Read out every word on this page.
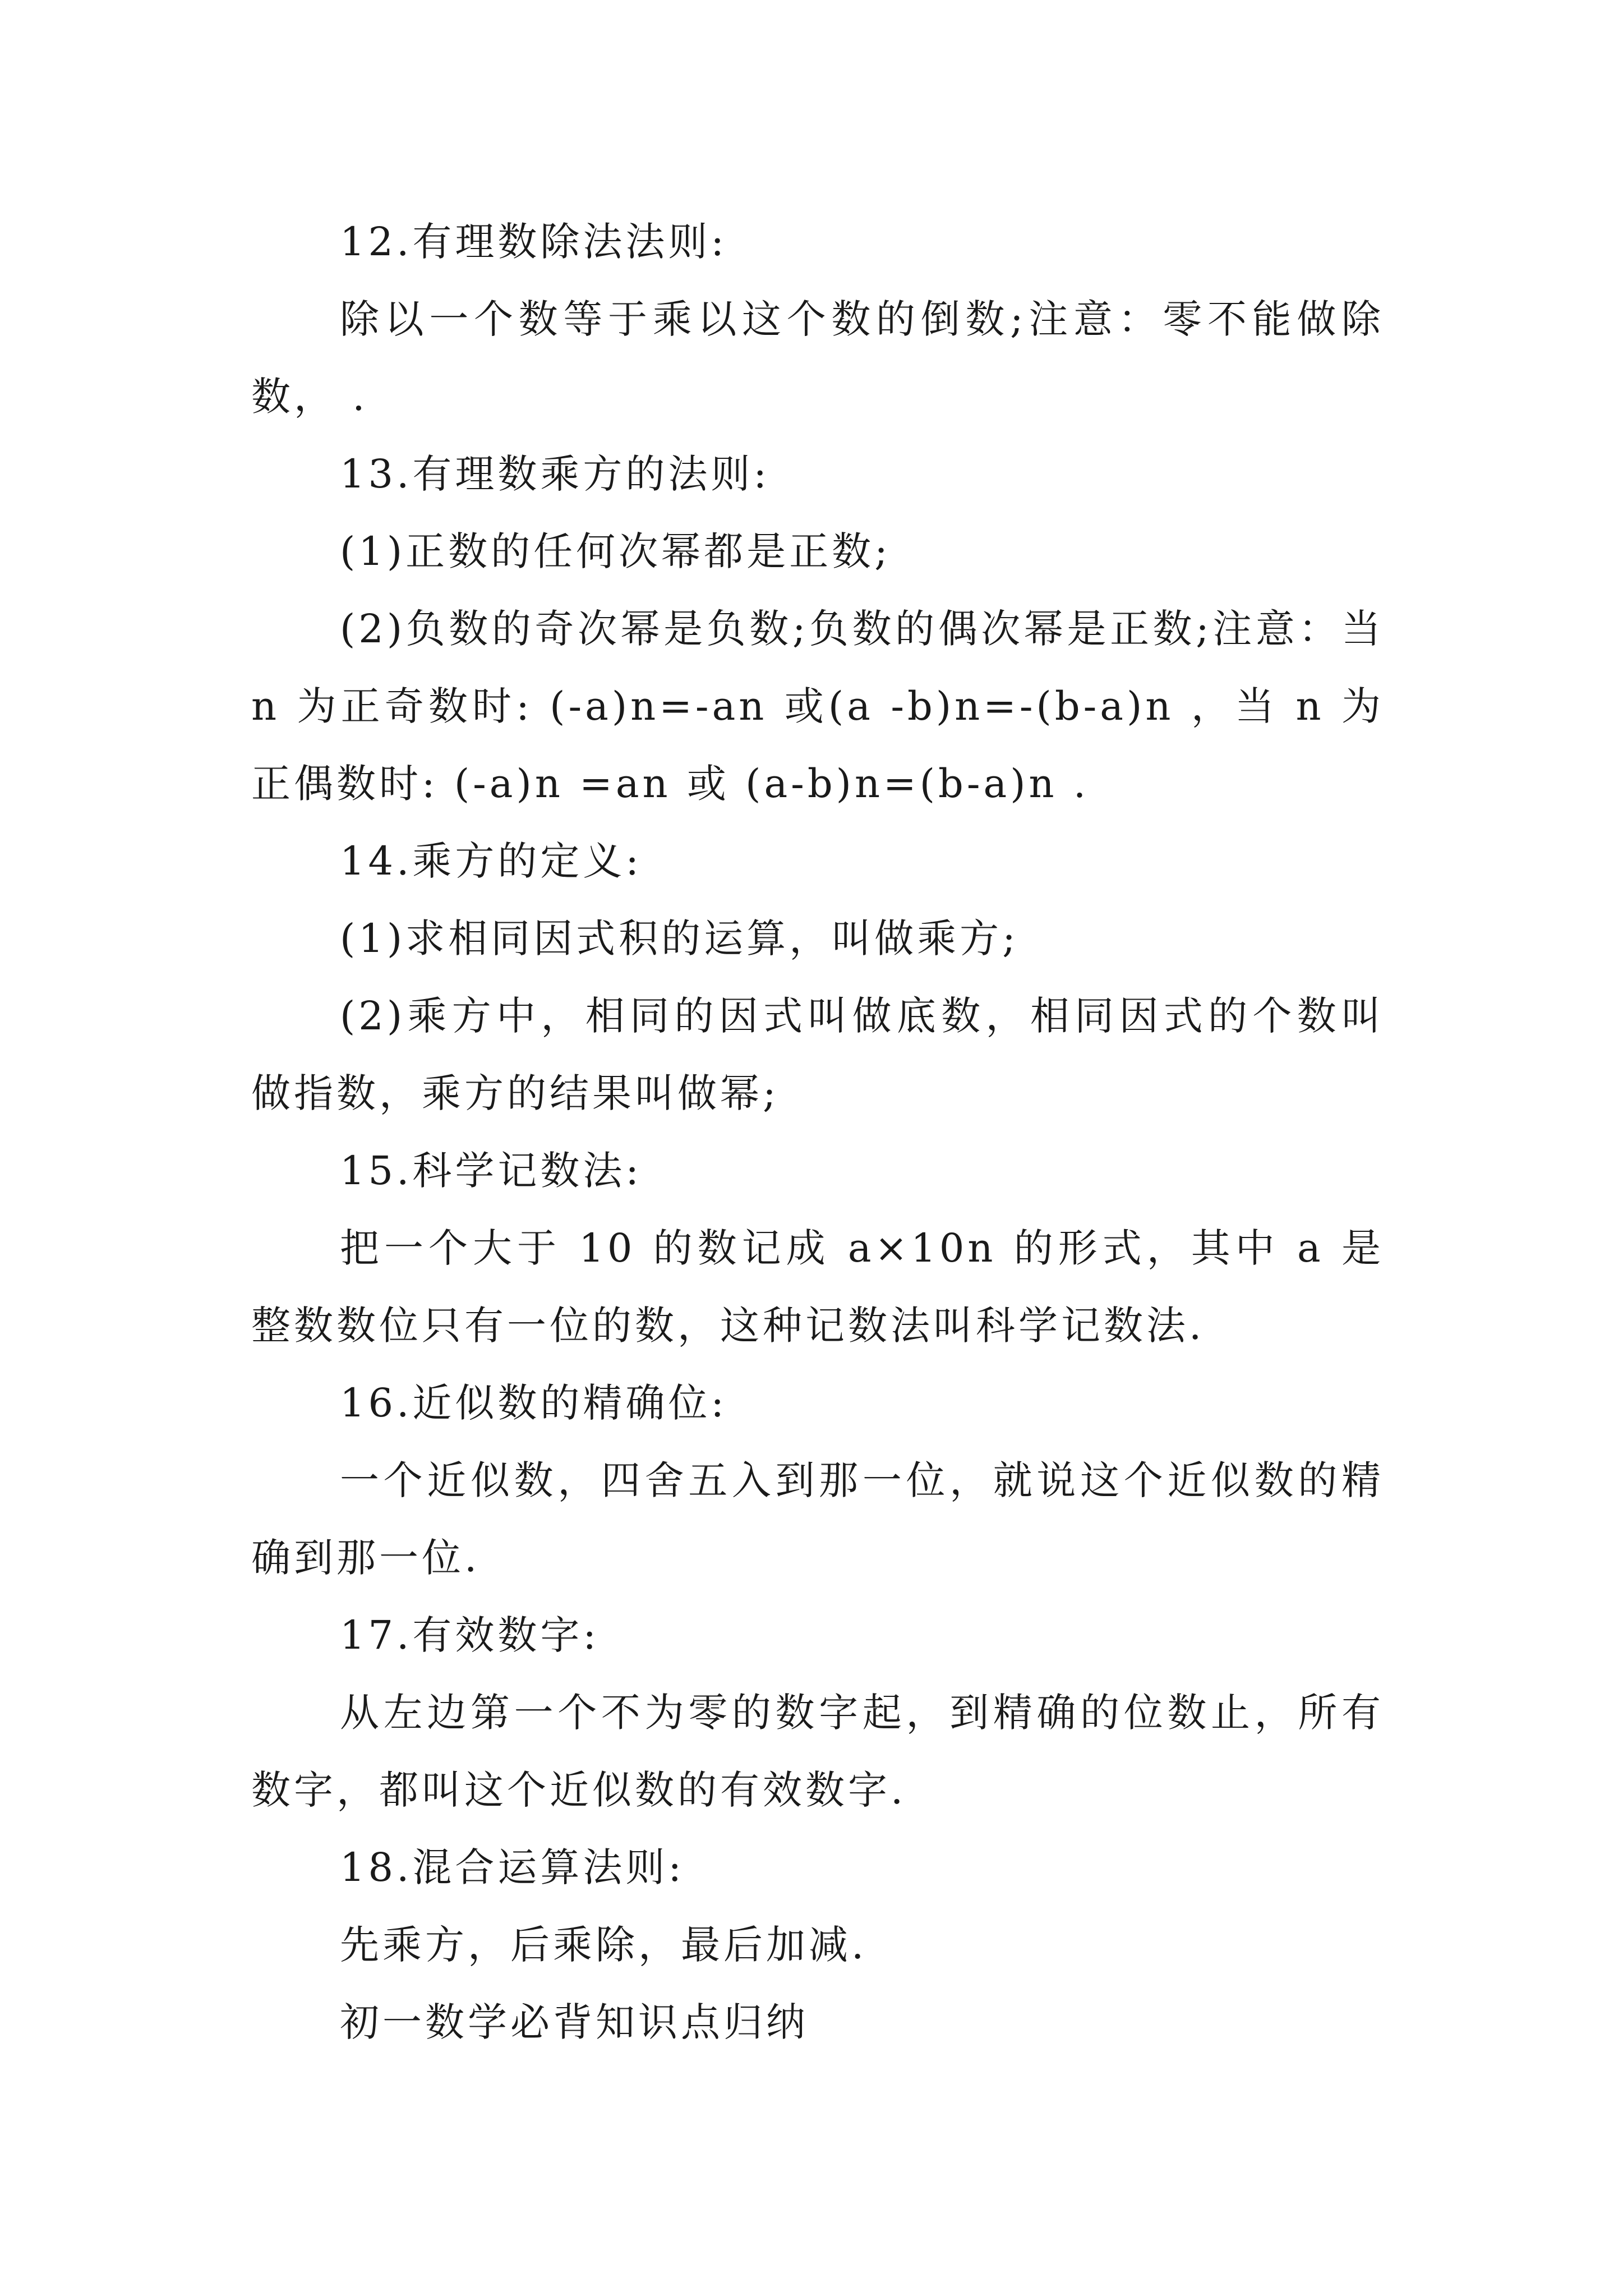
12.有理数除法法则:

除以一个数等于乘以这个数的倒数;注意：零不能做除数， .

13.有理数乘方的法则:

(1)正数的任何次幂都是正数;

(2)负数的奇次幂是负数;负数的偶次幂是正数;注意：当 n 为正奇数时: (-a)n=-an 或(a -b)n=-(b-a)n ，当 n 为正偶数时: (-a)n =an 或 (a-b)n=(b-a)n .

14.乘方的定义:

(1)求相同因式积的运算，叫做乘方;

(2)乘方中，相同的因式叫做底数，相同因式的个数叫做指数，乘方的结果叫做幂;

15.科学记数法:

把一个大于 10 的数记成 a×10n 的形式，其中 a 是整数数位只有一位的数，这种记数法叫科学记数法.

16.近似数的精确位:

一个近似数，四舍五入到那一位，就说这个近似数的精确到那一位.

17.有效数字:

从左边第一个不为零的数字起，到精确的位数止，所有数字，都叫这个近似数的有效数字.

18.混合运算法则:

先乘方，后乘除，最后加减.

初一数学必背知识点归纳
